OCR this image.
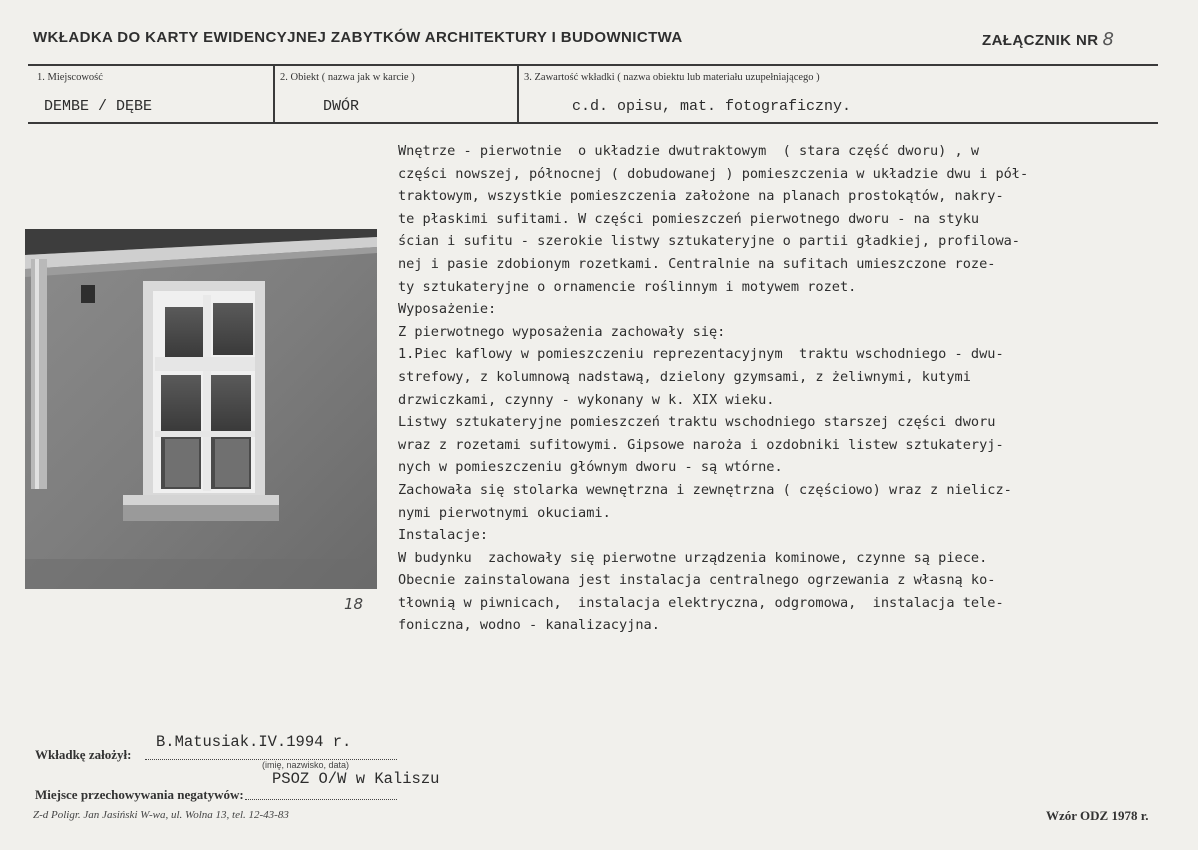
WKŁADKA DO KARTY EWIDENCYJNEJ ZABYTKÓW ARCHITEKTURY I BUDOWNICTWA	ZAŁĄCZNIK NR 8
1. Miejscowość
DEMBE / DĘBE
2. Obiekt ( nazwa jak w karcie )
DWÓR
3. Zawartość wkładki ( nazwa obiektu lub materiału uzupełniającego )
c.d. opisu, mat. fotograficzny.
18
Wnętrze - pierwotnie  o układzie dwutraktowym  ( stara część dworu) , w
części nowszej, północnej ( dobudowanej ) pomieszczenia w układzie dwu i pół-
traktowym, wszystkie pomieszczenia założone na planach prostokątów, nakry-
te płaskimi sufitami. W części pomieszczeń pierwotnego dworu - na styku
ścian i sufitu - szerokie listwy sztukateryjne o partii gładkiej, profilowa-
nej i pasie zdobionym rozetkami. Centralnie na sufitach umieszczone roze-
ty sztukateryjne o ornamencie roślinnym i motywem rozet.
Wyposażenie:
Z pierwotnego wyposażenia zachowały się:
1.Piec kaflowy w pomieszczeniu reprezentacyjnym  traktu wschodniego - dwu-
strefowy, z kolumnową nadstawą, dzielony gzymsami, z żeliwnymi, kutymi
drzwiczkami, czynny - wykonany w k. XIX wieku.
Listwy sztukateryjne pomieszczeń traktu wschodniego starszej części dworu
wraz z rozetami sufitowymi. Gipsowe naroża i ozdobniki listew sztukateryj-
nych w pomieszczeniu głównym dworu - są wtórne.
Zachowała się stolarka wewnętrzna i zewnętrzna ( częściowo) wraz z nielicz-
nymi pierwotnymi okuciami.
Instalacje:
W budynku  zachowały się pierwotne urządzenia kominowe, czynne są piece.
Obecnie zainstalowana jest instalacja centralnego ogrzewania z własną ko-
tłownią w piwnicach,  instalacja elektryczna, odgromowa,  instalacja tele-
foniczna, wodno - kanalizacyjna.
B.Matusiak.IV.1994 r.
Wkładkę założył:
(imię, nazwisko, data)
PSOZ O/W w Kaliszu
Miejsce przechowywania negatywów:
Z-d Poligr. Jan Jasiński W-wa, ul. Wolna 13, tel. 12-43-83	Wzór ODZ 1978 r.
